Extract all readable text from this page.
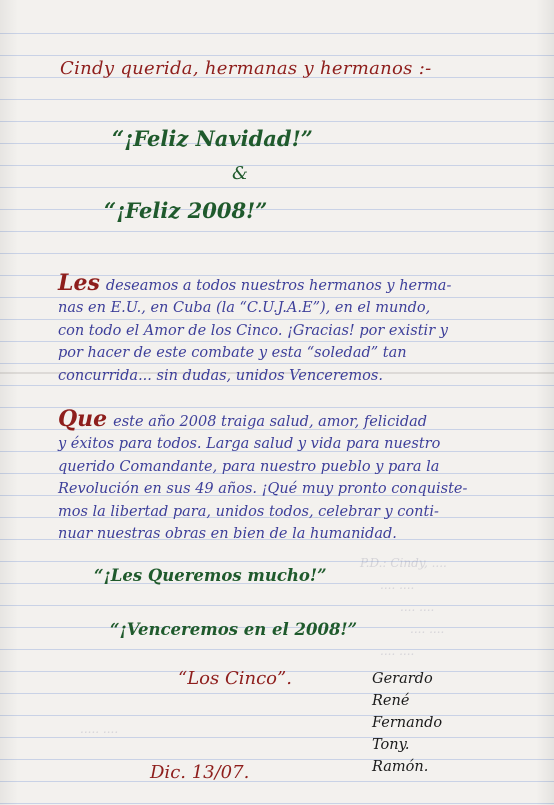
P.D.: Cindy, ....
.... ....
.... ....
.... ....
.... ....
..... ....
Cindy querida, hermanas y hermanos :-
“¡Feliz Navidad!”
&
“¡Feliz 2008!”

Les deseamos a todos nuestros hermanos y herma-
nas en E.U., en Cuba (la “C.U.J.A.E”), en el mundo,
con todo el Amor de los Cinco. ¡Gracias! por existir y
por hacer de este combate y esta “soledad” tan
concurrida... sin dudas, unidos Venceremos.

Que este año 2008 traiga salud, amor, felicidad
y éxitos para todos. Larga salud y vida para nuestro
querido Comandante, para nuestro pueblo y para la
Revolución en sus 49 años. ¡Qué muy pronto conquiste-
mos la libertad para, unidos todos, celebrar y conti-
nuar nuestras obras en bien de la humanidad.

“¡Les Queremos mucho!”
“¡Venceremos en el 2008!”
“Los Cinco”.	Gerardo
René
Fernando
Tony.
Ramón.
Dic. 13/07.
